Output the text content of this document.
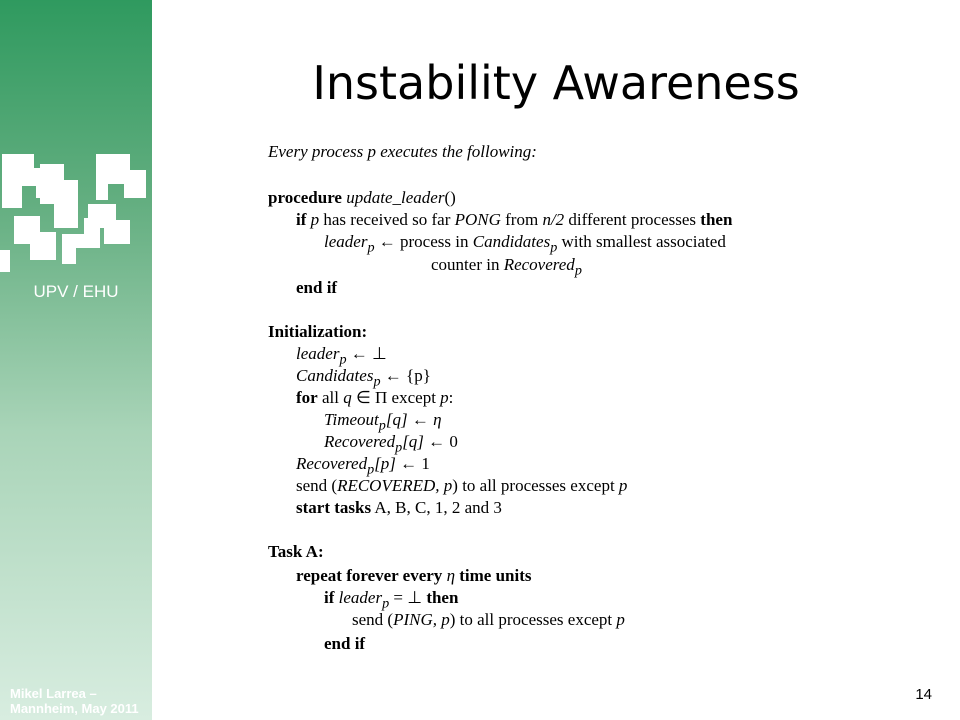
UPV / EHU
Mikel Larrea – Mannheim, May 2011
Instability Awareness
Every process p executes the following:
procedure update_leader()
if p has received so far PONG from n/2 different processes then
leader$_p$ ← process in Candidates$_p$ with smallest associated
counter in Recovered$_p$
end if
Initialization:
leader$_p$ ← ⊥
Candidates$_p$ ← {p}
for all q ∈ Π except p:
Timeout$_p$[q] ← η
Recovered$_p$[q] ← 0
Recovered$_p$[p] ← 1
send (RECOVERED, p) to all processes except p
start tasks A, B, C, 1, 2 and 3
Task A:
repeat forever every η time units
if leader$_p$ = ⊥ then
send (PING, p) to all processes except p
end if
14
